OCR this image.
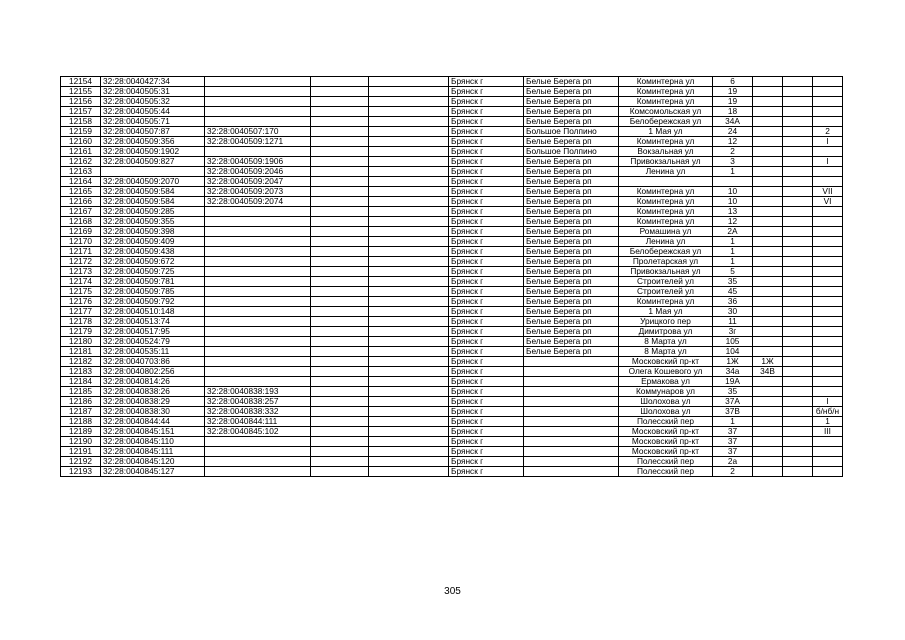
12154	32:28:0040427:34				Брянск г	Белые Берега рп	Коминтерна ул	6			
12155	32:28:0040505:31				Брянск г	Белые Берега рп	Коминтерна ул	19			
12156	32:28:0040505:32				Брянск г	Белые Берега рп	Коминтерна ул	19			
12157	32:28:0040505:44				Брянск г	Белые Берега рп	Комсомольская ул	18			
12158	32:28:0040505:71				Брянск г	Белые Берега рп	Белобережская ул	34А			
12159	32:28:0040507:87	32:28:0040507:170			Брянск г	Большое Полпино	1 Мая ул	24			2
12160	32:28:0040509:356	32:28:0040509:1271			Брянск г	Белые Берега рп	Коминтерна ул	12			I
12161	32:28:0040509:1902				Брянск г	Большое Полпино	Вокзальная ул	2			
12162	32:28:0040509:827	32:28:0040509:1906			Брянск г	Белые Берега рп	Привокзальная ул	3			I
12163		32:28:0040509:2046			Брянск г	Белые Берега рп	Ленина ул	1			
12164	32:28:0040509:2070	32:28:0040509:2047			Брянск г	Белые Берега рп					
12165	32:28:0040509:584	32:28:0040509:2073			Брянск г	Белые Берега рп	Коминтерна ул	10			VII
12166	32:28:0040509:584	32:28:0040509:2074			Брянск г	Белые Берега рп	Коминтерна ул	10			VI
12167	32:28:0040509:285				Брянск г	Белые Берега рп	Коминтерна ул	13			
12168	32:28:0040509:355				Брянск г	Белые Берега рп	Коминтерна ул	12			
12169	32:28:0040509:398				Брянск г	Белые Берега рп	Ромашина ул	2А			
12170	32:28:0040509:409				Брянск г	Белые Берега рп	Ленина ул	1			
12171	32:28:0040509:438				Брянск г	Белые Берега рп	Белобережская ул	1			
12172	32:28:0040509:672				Брянск г	Белые Берега рп	Пролетарская ул	1			
12173	32:28:0040509:725				Брянск г	Белые Берега рп	Привокзальная ул	5			
12174	32:28:0040509:781				Брянск г	Белые Берега рп	Строителей ул	35			
12175	32:28:0040509:785				Брянск г	Белые Берега рп	Строителей ул	45			
12176	32:28:0040509:792				Брянск г	Белые Берега рп	Коминтерна ул	36			
12177	32:28:0040510:148				Брянск г	Белые Берега рп	1 Мая ул	30			
12178	32:28:0040513:74				Брянск г	Белые Берега рп	Урицкого пер	11			
12179	32:28:0040517:95				Брянск г	Белые Берега рп	Димитрова ул	3г			
12180	32:28:0040524:79				Брянск г	Белые Берега рп	8 Марта ул	105			
12181	32:28:0040535:11				Брянск г	Белые Берега рп	8 Марта ул	104			
12182	32:28:0040703:86				Брянск г		Московский пр-кт	1Ж	1Ж		
12183	32:28:0040802:256				Брянск г		Олега Кошевого ул	34а	34В		
12184	32:28:0040814:26				Брянск г		Ермакова ул	19А			
12185	32:28:0040838:26	32:28:0040838:193			Брянск г		Коммунаров ул	35			
12186	32:28:0040838:29	32:28:0040838:257			Брянск г		Шолохова ул	37А			I
12187	32:28:0040838:30	32:28:0040838:332			Брянск г		Шолохова ул	37В			б/нб/н
12188	32:28:0040844:44	32:28:0040844:111			Брянск г		Полесский пер	1			1
12189	32:28:0040845:151	32:28:0040845:102			Брянск г		Московский пр-кт	37			III
12190	32:28:0040845:110				Брянск г		Московский пр-кт	37			
12191	32:28:0040845:111				Брянск г		Московский пр-кт	37			
12192	32:28:0040845:120				Брянск г		Полесский пер	2а			
12193	32:28:0040845:127				Брянск г		Полесский пер	2			
305
